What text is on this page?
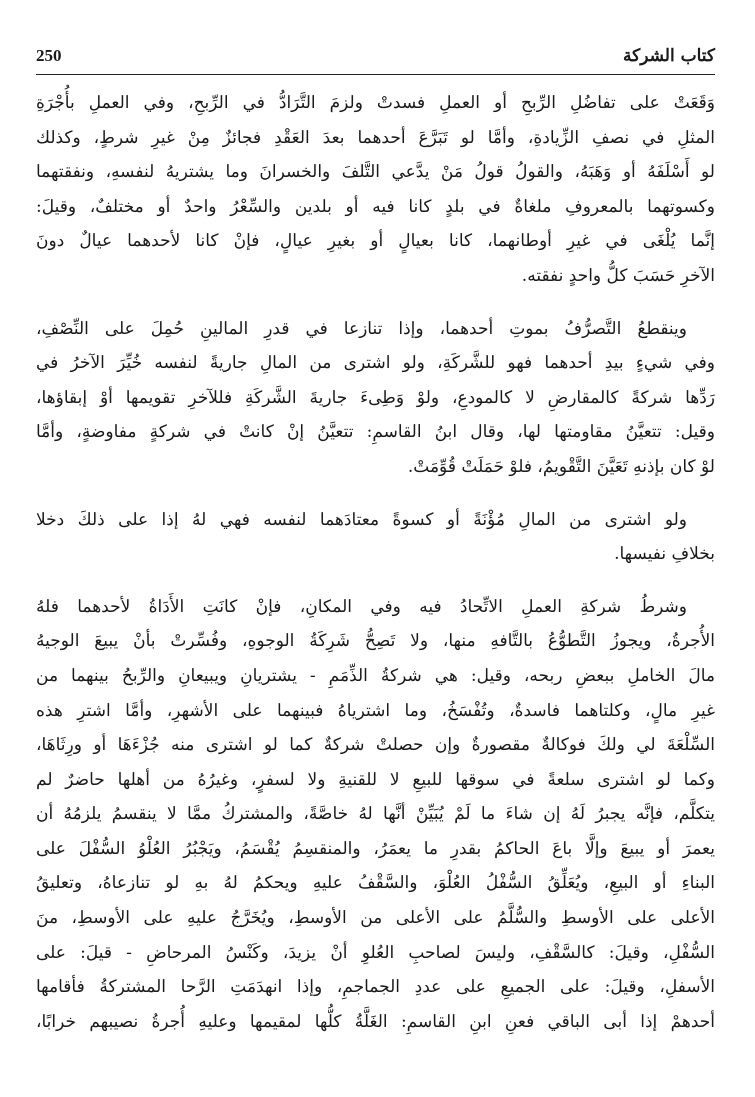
كتاب الشركة
250
وَقَعَتْ على تفاضُلِ الرِّبحِ أو العملِ فسدتْ ولزمَ التَّرَادُّ في الرِّبحِ، وفي العملِ بأُجْرَةِ
المثلِ في نصفِ الزِّيادةِ، وأمَّا لو تَبَرَّعَ أحدهما بعدَ العَقْدِ فجائزٌ مِنْ غيرِ شرطٍ، وكذلك
لو أَسْلَفَهُ أو وَهَبَهُ، والقولُ قولُ مَنْ يدَّعي التَّلفَ والخسرانَ وما يشتريهُ لنفسهِ، ونفقتهما
وكسوتهما بالمعروفِ ملغاةٌ في بلدٍ كانا فيه أو بلدين والسِّعْرُ واحدٌ أو مختلفٌ، وقيلَ:
إنَّما يُلْغَى في غيرِ أوطانهما، كانا بعيالٍ أو بغيرِ عيالٍ، فإنْ كانا لأحدهما عيالٌ دونَ
الآخرِ حَسَبَ كلُّ واحدٍ نفقته.
وينقطعُ التَّصرُّفُ بموتِ أحدهما، وإذا تنازعا في قدرِ المالينِ حُمِلَ على النِّصْفِ،
وفي شيءٍ بيدِ أحدهما فهو للشَّركَةِ، ولو اشترى من المالِ جاريةً لنفسه خُيِّرَ الآخرُ في
رَدِّها شركةً كالمقارضِ لا كالمودعِ، ولوْ وَطِىءَ جاريةَ الشَّركَةِ فللآخرِ تقويمها أوْ إبقاؤها،
وقيل: تتعيَّنُ مقاومتها لها، وقال ابنُ القاسمِ: تتعيَّنُ إنْ كانتْ في شركةٍ مفاوضةٍ، وأمَّا
لوْ كان بإذنهِ تَعَيَّنَ التَّقْويمُ، فلوْ حَمَلَتْ قُوِّمَتْ.
ولو اشترى من المالِ مُؤْنَةً أو كسوةً معتادَهما لنفسه فهي لهُ إذا على ذلكَ دخلا
بخلافِ نفيسها.
وشرطُ شركةِ العملِ الاتِّحادُ فيه وفي المكانِ، فإنْ كانَتِ الأَدَاةُ لأحدهما فلهُ
الأُجرةُ، ويجوزُ التَّطوُّعُ بالتَّافهِ منها، ولا تَصِحُّ شَرِكَةُ الوجوهِ، وفُسِّرتْ بأنْ يبيعَ الوجيهُ
مالَ الخاملِ ببعضِ ربحه، وقيل: هي شركةُ الذِّمَمِ - يشتريانِ ويبيعانِ والرِّبحُ بينهما من
غيرِ مالٍ، وكلتاهما فاسدةٌ، وتُفْسَخُ، وما اشترياهُ فبينهما على الأشهرِ، وأمَّا اشترِ هذه
السِّلْعَةَ لي ولكَ فوكالةٌ مقصورةٌ وإن حصلتْ شركةٌ كما لو اشترى منه جُزْءَهَا أو ورِثَاهَا،
وكما لو اشترى سلعةً في سوقها للبيعِ لا للقنيةِ ولا لسفرٍ، وغيرُهُ من أهلها حاضرٌ لم
يتكلَّم، فإنَّه يجبرُ لَهُ إن شاءَ ما لَمْ يُبَيِّنْ أنَّها لهُ خاصَّةً، والمشتركُ ممَّا لا ينقسمُ يلزمُهُ أن
يعمرَ أو يبيعَ وإلَّا باعَ الحاكمُ بقدرِ ما يعمَرُ، والمنقسِمُ يُقْسَمُ، ويَجْبُرُ العُلْوُ السُّفْلَ على
البناءِ أو البيعِ، ويُعَلِّقُ السُّفْلُ العُلْوَ، والسَّقْفُ عليهِ ويحكمُ لهُ بهِ لو تنازعاهُ، وتعليقُ
الأعلى على الأوسطِ والسُّلَّمُ على الأعلى من الأوسطِ، ويُخَرَّجُ عليهِ على الأوسطِ، منَ
السُّفْلِ، وقيلَ: كالسَّقْفِ، وليسَ لصاحبِ العُلوِ أنْ يزيدَ، وكَنْسُ المرحاضِ - قيلَ: على
الأسفلِ، وقيلَ: على الجميعِ على عددِ الجماجمِ، وإذا انهدَمَتِ الرَّحا المشتركةُ فأقامها
أحدهمْ إذا أبى الباقي فعنِ ابنِ القاسمِ: الغَلَّةُ كلُّها لمقيمها وعليهِ أُجرةُ نصيبهم خرابًا،
